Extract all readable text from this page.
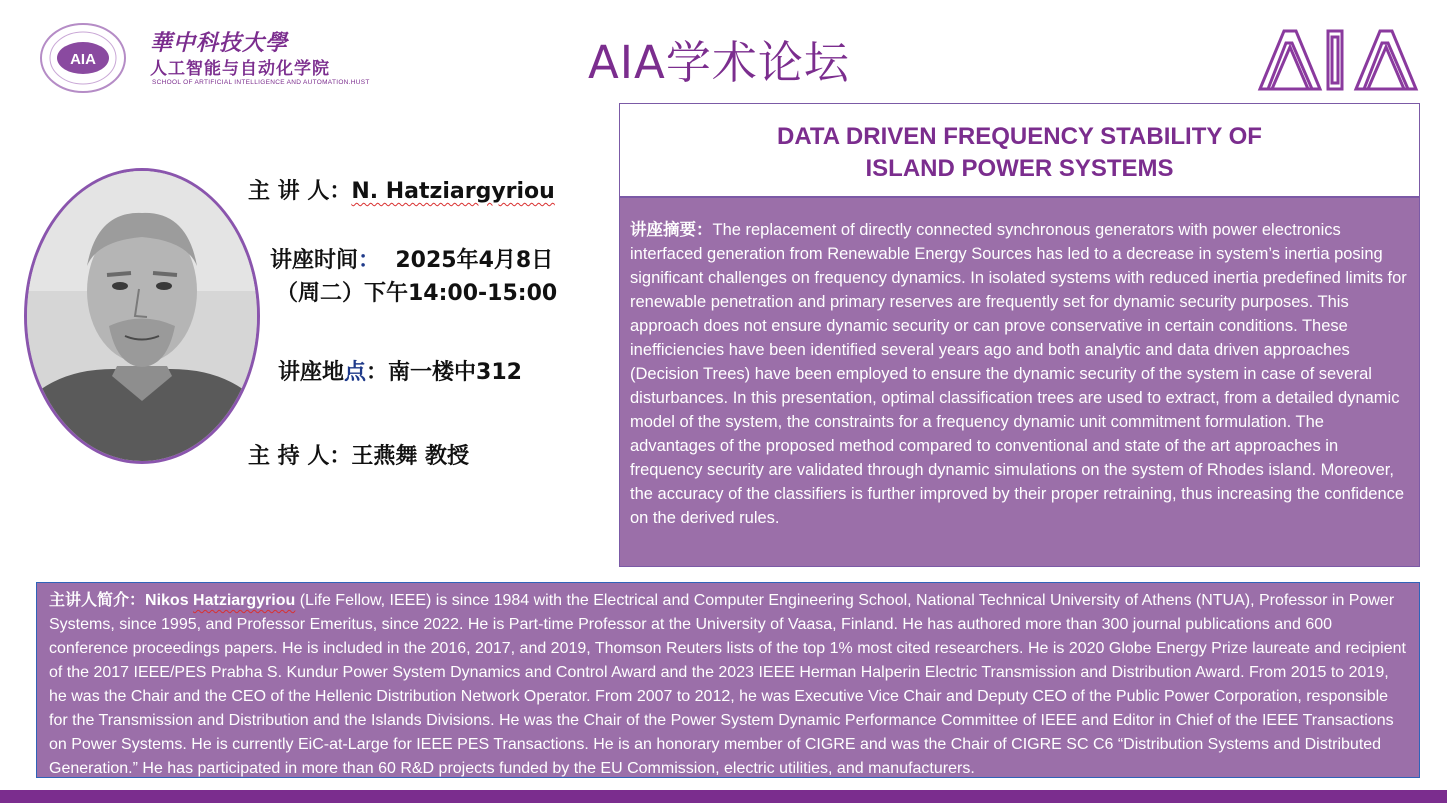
AIA
華中科技大學
人工智能与自动化学院
SCHOOL OF ARTIFICIAL INTELLIGENCE AND AUTOMATION.HUST	AIA学术论坛
主 讲 人：N. Hatziargyriou
讲座时间： 2025年4月8日
（周二）下午14:00-15:00
讲座地点：南一楼中312
主 持 人：王燕舞 教授
DATA DRIVEN FREQUENCY STABILITY OF
ISLAND POWER SYSTEMS
讲座摘要：The replacement of directly connected synchronous generators with power electronics interfaced generation from Renewable Energy Sources has led to a decrease in system’s inertia posing significant challenges on frequency dynamics. In isolated systems with reduced inertia predefined limits for renewable penetration and primary reserves are frequently set for dynamic security purposes. This approach does not ensure dynamic security or can prove conservative in certain conditions. These inefficiencies have been identified several years ago and both analytic and data driven approaches (Decision Trees) have been employed to ensure the dynamic security of the system in case of several disturbances. In this presentation, optimal classification trees are used to extract, from a detailed dynamic model of the system, the constraints for a frequency dynamic unit commitment formulation. The advantages of the proposed method compared to conventional and state of the art approaches in frequency security are validated through dynamic simulations on the system of Rhodes island. Moreover, the accuracy of the classifiers is further improved by their proper retraining, thus increasing the confidence on the derived rules.
主讲人简介：Nikos Hatziargyriou (Life Fellow, IEEE) is since 1984 with the Electrical and Computer Engineering School, National Technical University of Athens (NTUA), Professor in Power Systems, since 1995, and Professor Emeritus, since 2022. He is Part-time Professor at the University of Vaasa, Finland. He has authored more than 300 journal publications and 600 conference proceedings papers. He is included in the 2016, 2017, and 2019, Thomson Reuters lists of the top 1% most cited researchers. He is 2020 Globe Energy Prize laureate and recipient of the 2017 IEEE/PES Prabha S. Kundur Power System Dynamics and Control Award and the 2023 IEEE Herman Halperin Electric Transmission and Distribution Award. From 2015 to 2019, he was the Chair and the CEO of the Hellenic Distribution Network Operator. From 2007 to 2012, he was Executive Vice Chair and Deputy CEO of the Public Power Corporation, responsible for the Transmission and Distribution and the Islands Divisions. He was the Chair of the Power System Dynamic Performance Committee of IEEE and Editor in Chief of the IEEE Transactions on Power Systems. He is currently EiC-at-Large for IEEE PES Transactions. He is an honorary member of CIGRE and was the Chair of CIGRE SC C6 “Distribution Systems and Distributed Generation.” He has participated in more than 60 R&D projects funded by the EU Commission, electric utilities, and manufacturers.
